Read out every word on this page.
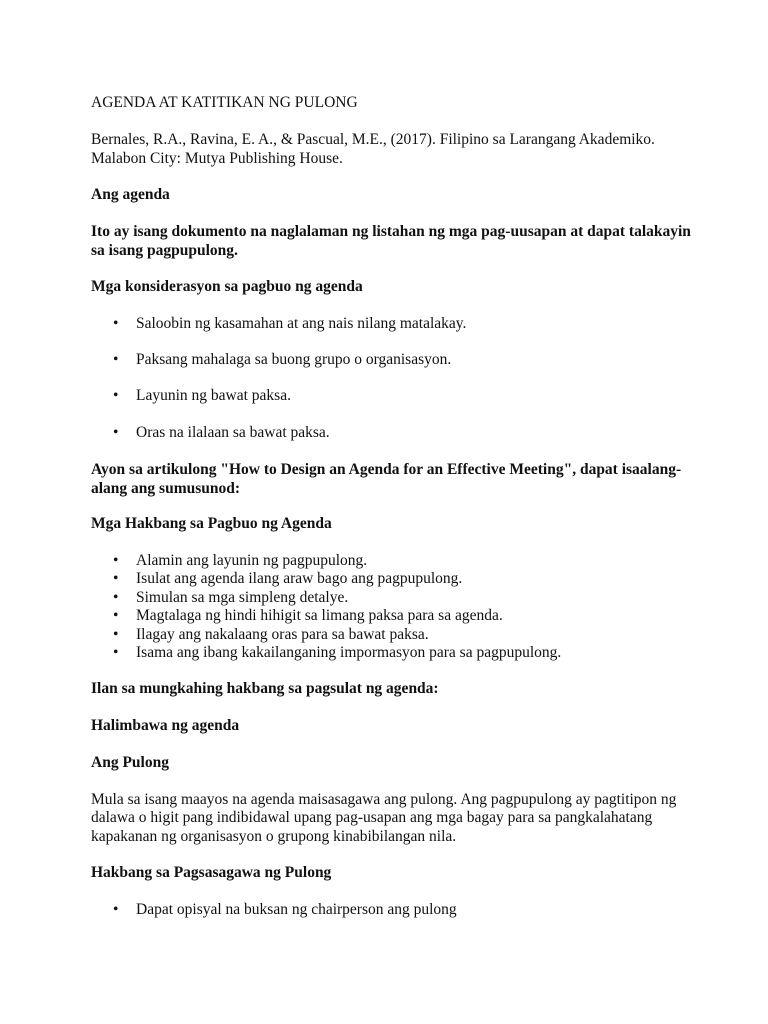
AGENDA AT KATITIKAN NG PULONG
Bernales, R.A., Ravina, E. A., & Pascual, M.E., (2017). Filipino sa Larangang Akademiko.
Malabon City: Mutya Publishing House.
Ang agenda
Ito ay isang dokumento na naglalaman ng listahan ng mga pag-uusapan at dapat talakayin
sa isang pagpupulong.
Mga konsiderasyon sa pagbuo ng agenda
• Saloobin ng kasamahan at ang nais nilang matalakay.
• Paksang mahalaga sa buong grupo o organisasyon.
• Layunin ng bawat paksa.
• Oras na ilalaan sa bawat paksa.
Ayon sa artikulong "How to Design an Agenda for an Effective Meeting", dapat isaalang-
alang ang sumusunod:
Mga Hakbang sa Pagbuo ng Agenda
• Alamin ang layunin ng pagpupulong.
• Isulat ang agenda ilang araw bago ang pagpupulong.
• Simulan sa mga simpleng detalye.
• Magtalaga ng hindi hihigit sa limang paksa para sa agenda.
• Ilagay ang nakalaang oras para sa bawat paksa.
• Isama ang ibang kakailanganing impormasyon para sa pagpupulong.
Ilan sa mungkahing hakbang sa pagsulat ng agenda:
Halimbawa ng agenda
Ang Pulong
Mula sa isang maayos na agenda maisasagawa ang pulong. Ang pagpupulong ay pagtitipon ng
dalawa o higit pang indibidawal upang pag-usapan ang mga bagay para sa pangkalahatang
kapakanan ng organisasyon o grupong kinabibilangan nila.
Hakbang sa Pagsasagawa ng Pulong
• Dapat opisyal na buksan ng chairperson ang pulong
